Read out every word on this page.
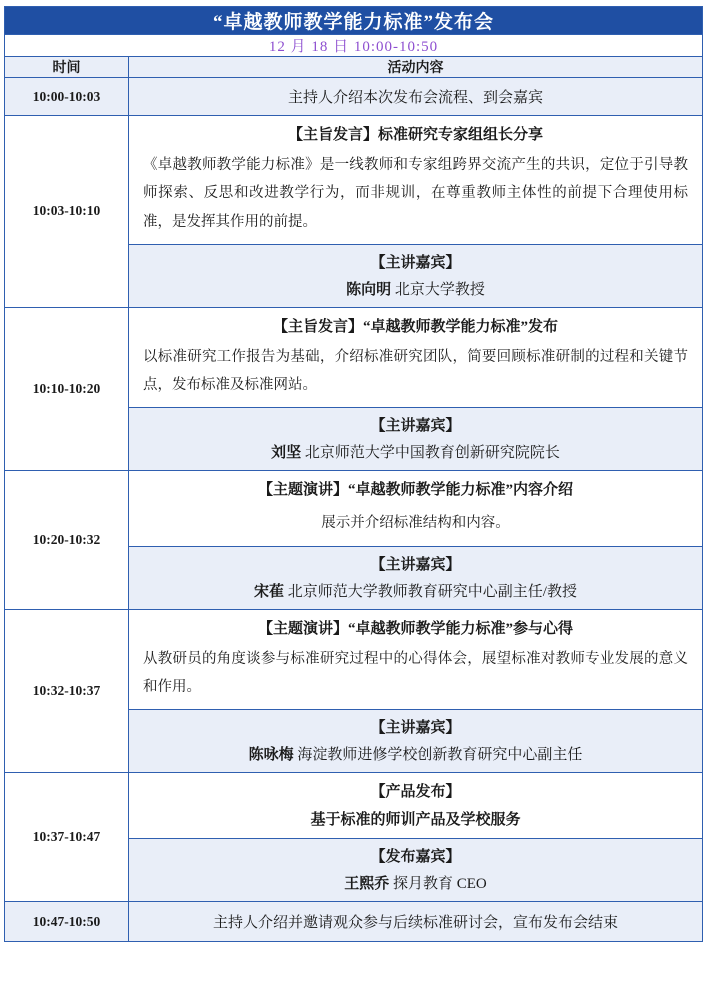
“卓越教师教学能力标准”发布会	
12 月 18 日 10:00-10:50	
时间	活动内容
10:00-10:03	主持人介绍本次发布会流程、到会嘉宾

10:03-10:10	【主旨发言】标准研究专家组组长分享
《卓越教师教学能力标准》是一线教师和专家组跨界交流产生的共识，定位于引导教师探索、反思和改进教学行为，而非规训，在尊重教师主体性的前提下合理使用标准，是发挥其作用的前提。
【主讲嘉宾】
陈向明 北京大学教授

10:10-10:20	【主旨发言】“卓越教师教学能力标准”发布
以标准研究工作报告为基础，介绍标准研究团队，简要回顾标准研制的过程和关键节点，发布标准及标准网站。
【主讲嘉宾】
刘坚 北京师范大学中国教育创新研究院院长

10:20-10:32	【主题演讲】“卓越教师教学能力标准”内容介绍
展示并介绍标准结构和内容。
【主讲嘉宾】
宋萑 北京师范大学教师教育研究中心副主任/教授

10:32-10:37	【主题演讲】“卓越教师教学能力标准”参与心得
从教研员的角度谈参与标准研究过程中的心得体会，展望标准对教师专业发展的意义和作用。
【主讲嘉宾】
陈咏梅 海淀教师进修学校创新教育研究中心副主任

10:37-10:47	【产品发布】
基于标准的师训产品及学校服务
【发布嘉宾】
王熙乔 探月教育 CEO

10:47-10:50	主持人介绍并邀请观众参与后续标准研讨会，宣布发布会结束
